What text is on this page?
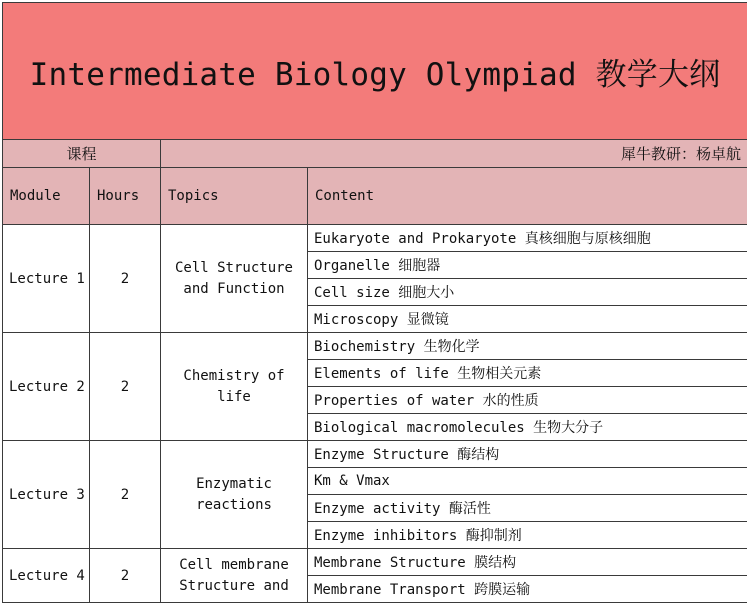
Intermediate Biology Olympiad 教学大纲			
课程		犀牛教研：杨卓航	
Module	Hours	Topics	Content
Lecture 1	2	Cell Structure and Function	Eukaryote and Prokaryote 真核细胞与原核细胞
			Organelle 细胞器
			Cell size 细胞大小
			Microscopy 显微镜
Lecture 2	2	Chemistry of life	Biochemistry 生物化学
			Elements of life 生物相关元素
			Properties of water 水的性质
			Biological macromolecules 生物大分子
Lecture 3	2	Enzymatic reactions	Enzyme Structure 酶结构
			Km & Vmax
			Enzyme activity 酶活性
			Enzyme inhibitors 酶抑制剂
Lecture 4	2	Cell membrane Structure and	Membrane Structure 膜结构
			Membrane Transport 跨膜运输
